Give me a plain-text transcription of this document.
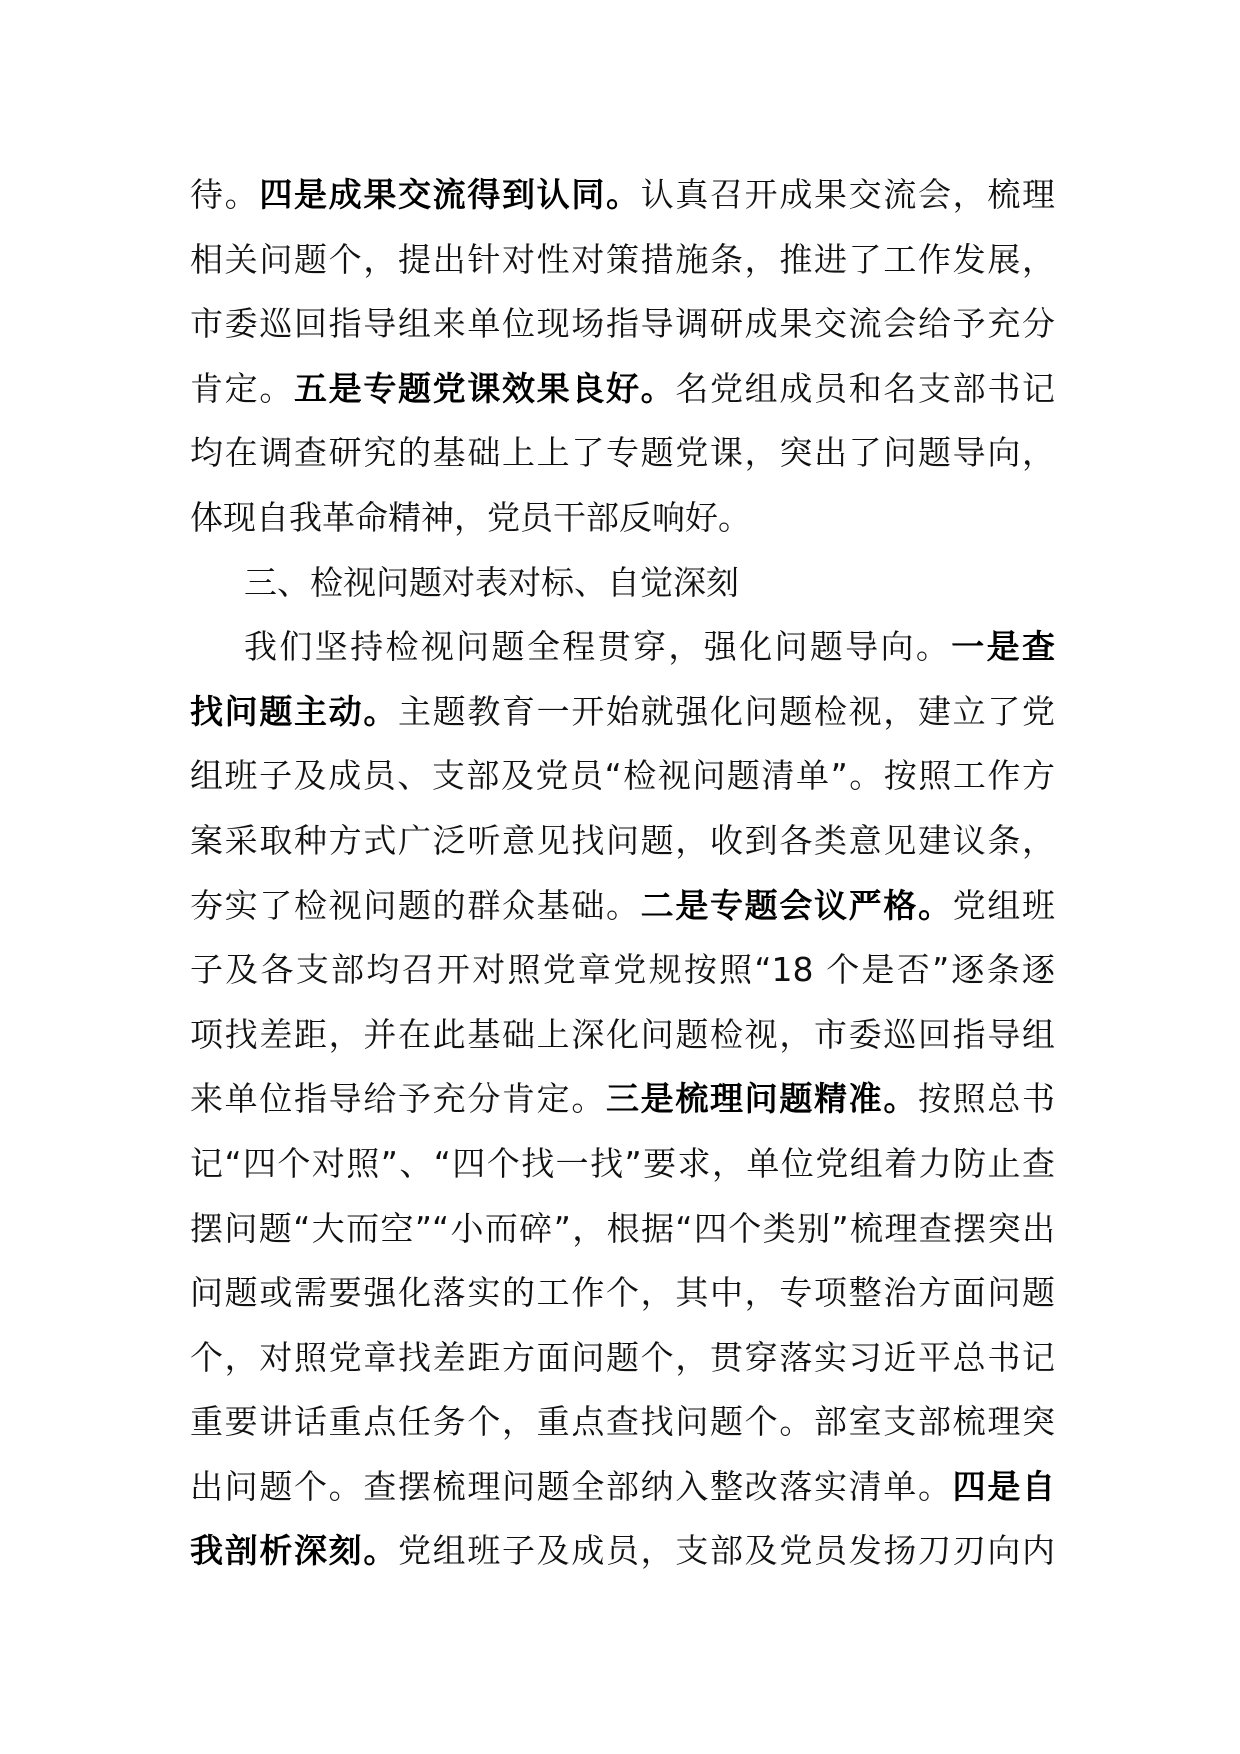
待。四是成果交流得到认同。认真召开成果交流会，梳理
相关问题个，提出针对性对策措施条，推进了工作发展，
市委巡回指导组来单位现场指导调研成果交流会给予充分
肯定。五是专题党课效果良好。名党组成员和名支部书记
均在调查研究的基础上上了专题党课，突出了问题导向，
体现自我革命精神，党员干部反响好。
三、检视问题对表对标、自觉深刻
我们坚持检视问题全程贯穿，强化问题导向。一是查
找问题主动。主题教育一开始就强化问题检视，建立了党
组班子及成员、支部及党员“检视问题清单”。按照工作方
案采取种方式广泛听意见找问题，收到各类意见建议条，
夯实了检视问题的群众基础。二是专题会议严格。党组班
子及各支部均召开对照党章党规按照“18 个是否”逐条逐
项找差距，并在此基础上深化问题检视，市委巡回指导组
来单位指导给予充分肯定。三是梳理问题精准。按照总书
记“四个对照”、“四个找一找”要求，单位党组着力防止查
摆问题“大而空”“小而碎”，根据“四个类别”梳理查摆突出
问题或需要强化落实的工作个，其中，专项整治方面问题
个，对照党章找差距方面问题个，贯穿落实习近平总书记
重要讲话重点任务个，重点查找问题个。部室支部梳理突
出问题个。查摆梳理问题全部纳入整改落实清单。四是自
我剖析深刻。党组班子及成员，支部及党员发扬刀刃向内
